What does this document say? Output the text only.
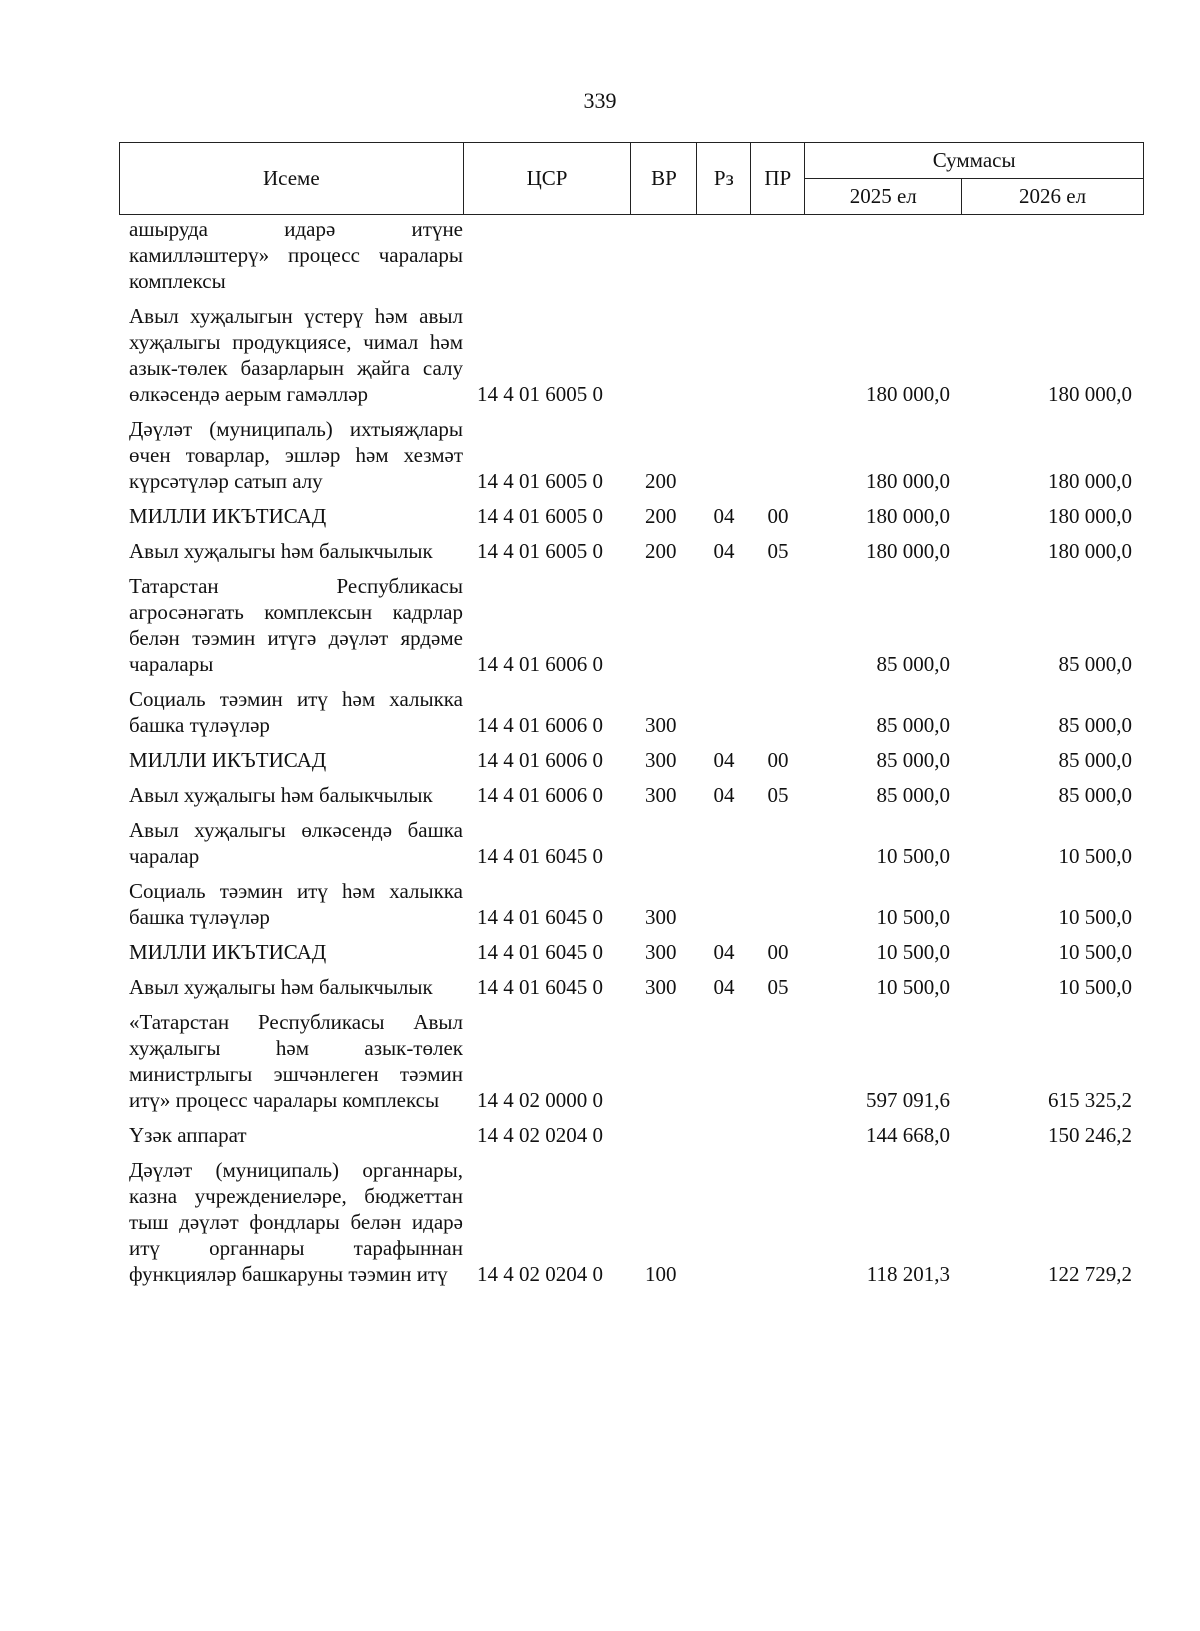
339
Исеме	ЦСР	ВР	Рз	ПР	Суммасы	
					2025 ел	2026 ел
ашыруда идарә итүне камилләштерү» процесс чаралары комплексы						
Авыл хуҗалыгын үстерү һәм авыл хуҗалыгы продукциясе, чимал һәм азык-төлек базарларын җайга салу өлкәсендә аерым гамәлләр	14 4 01 6005 0				180 000,0	180 000,0
Дәүләт (муниципаль) ихтыяҗлары өчен товарлар, эшләр һәм хезмәт күрсәтүләр сатып алу	14 4 01 6005 0	200			180 000,0	180 000,0
МИЛЛИ ИКЪТИСАД	14 4 01 6005 0	200	04	00	180 000,0	180 000,0
Авыл хуҗалыгы һәм балыкчылык	14 4 01 6005 0	200	04	05	180 000,0	180 000,0
Татарстан Республикасы агросәнәгать комплексын кадрлар белән тәэмин итүгә дәүләт ярдәме чаралары	14 4 01 6006 0				85 000,0	85 000,0
Социаль тәэмин итү һәм халыкка башка түләүләр	14 4 01 6006 0	300			85 000,0	85 000,0
МИЛЛИ ИКЪТИСАД	14 4 01 6006 0	300	04	00	85 000,0	85 000,0
Авыл хуҗалыгы һәм балыкчылык	14 4 01 6006 0	300	04	05	85 000,0	85 000,0
Авыл хуҗалыгы өлкәсендә башка чаралар	14 4 01 6045 0				10 500,0	10 500,0
Социаль тәэмин итү һәм халыкка башка түләүләр	14 4 01 6045 0	300			10 500,0	10 500,0
МИЛЛИ ИКЪТИСАД	14 4 01 6045 0	300	04	00	10 500,0	10 500,0
Авыл хуҗалыгы һәм балыкчылык	14 4 01 6045 0	300	04	05	10 500,0	10 500,0
«Татарстан Республикасы Авыл хуҗалыгы һәм азык-төлек министрлыгы эшчәнлеген тәэмин итү» процесс чаралары комплексы	14 4 02 0000 0				597 091,6	615 325,2
Үзәк аппарат	14 4 02 0204 0				144 668,0	150 246,2
Дәүләт (муниципаль) органнары, казна учреждениеләре, бюджеттан тыш дәүләт фондлары белән идарә итү органнары тарафыннан функцияләр башкаруны тәэмин итү	14 4 02 0204 0	100			118 201,3	122 729,2
